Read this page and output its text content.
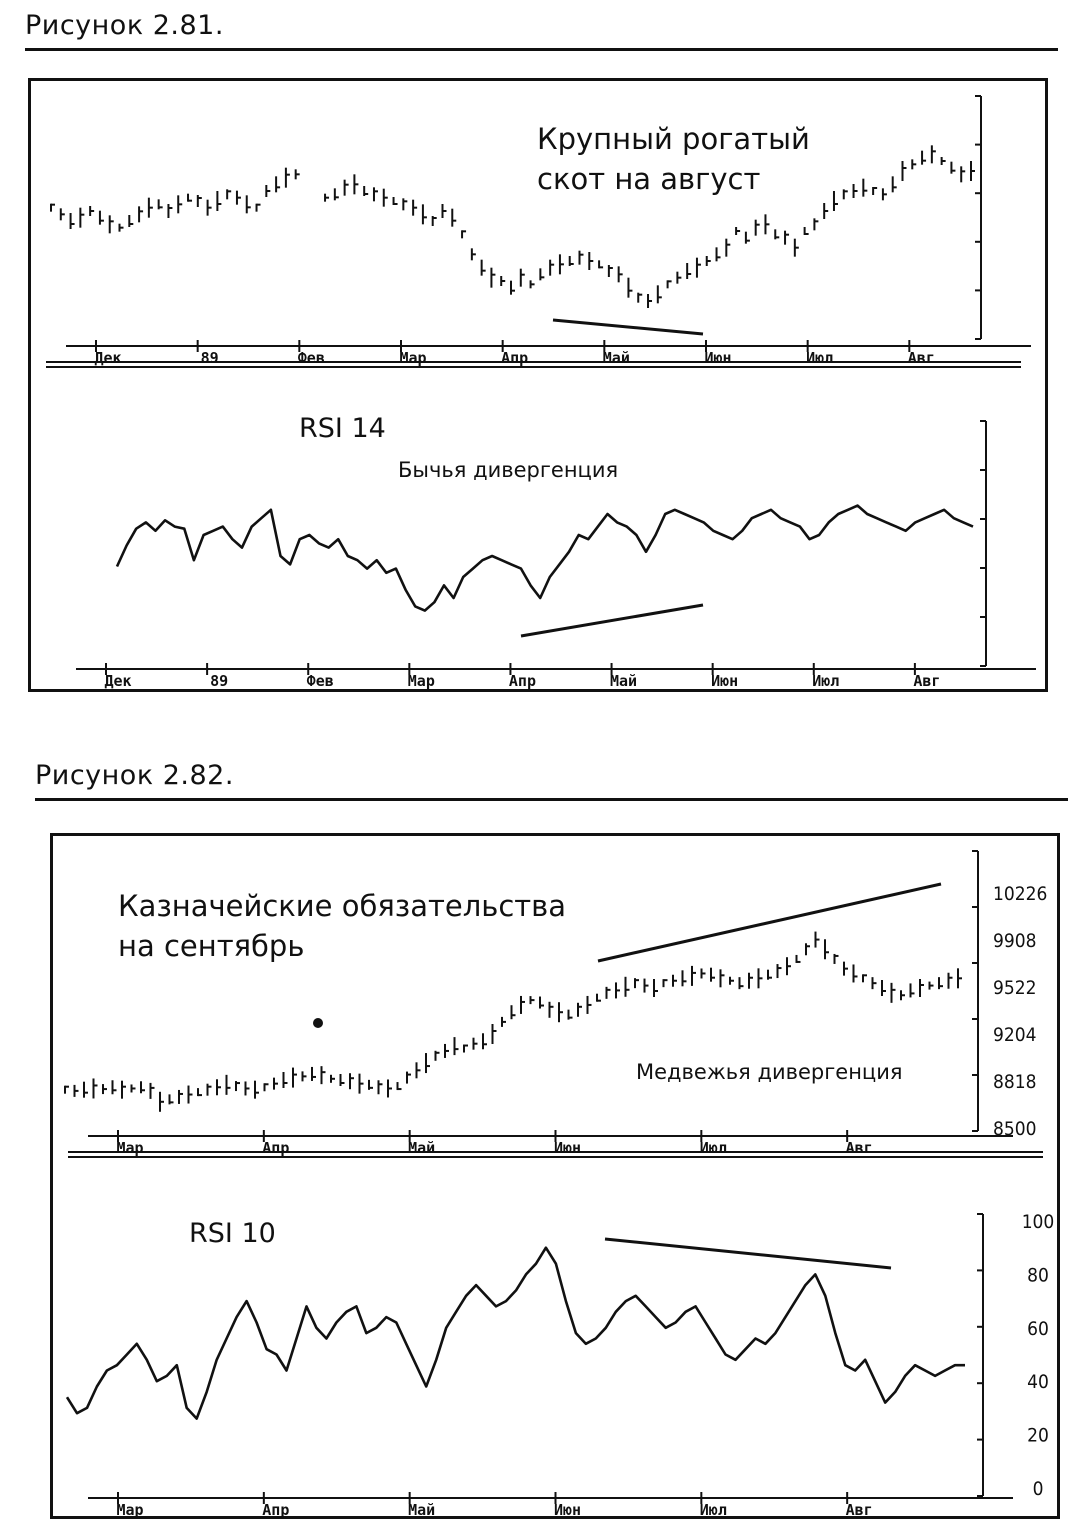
Рисунок 2.81.
Дек	89	Фев	Мар	Апр	Май	Июн	Июл	Авг
Дек	89	Фев	Мар	Апр	Май	Июн	Июл	Авг
Крупный рогатый
скот на август
RSI 14
Бычья дивергенция
Рисунок 2.82.
10226
9908
9522
9204
8818
8500
Мар	Апр	Май	Июн	Июл	Авг
100
80
60
40
20
0
Мар	Апр	Май	Июн	Июл	Авг
Казначейские обязательства
на сентябрь
Медвежья дивергенция
RSI 10
